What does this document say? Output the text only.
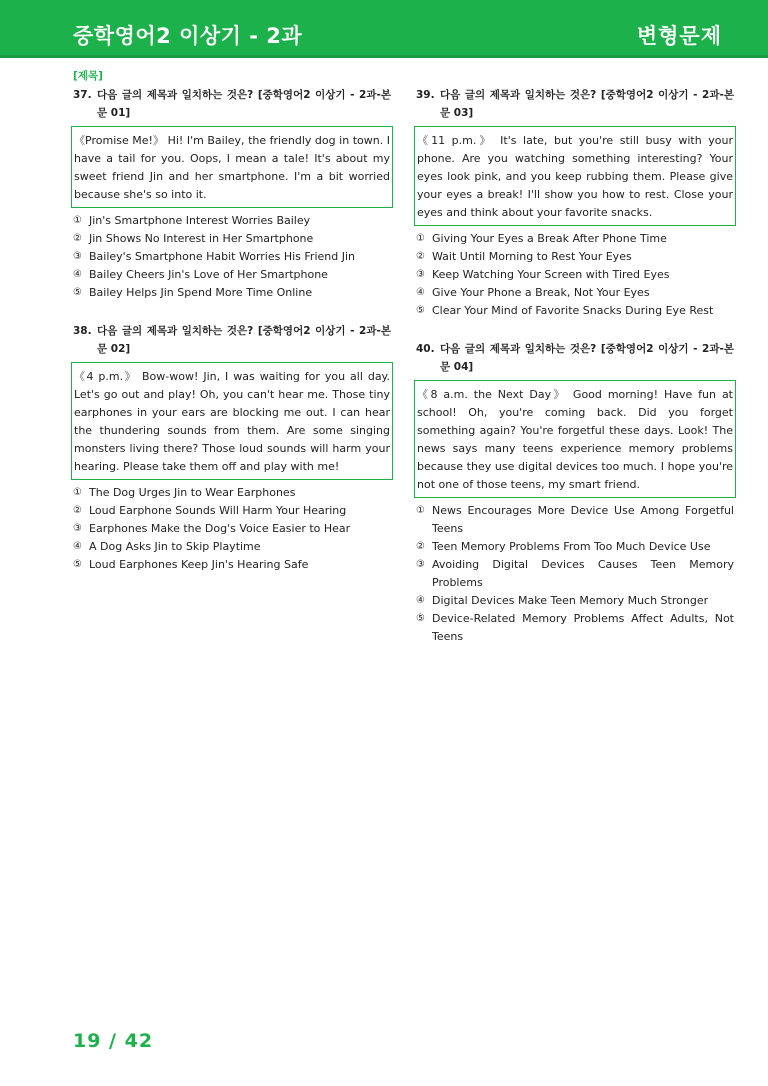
중학영어2 이상기 - 2과	변형문제
[제목]
37. 다음 글의 제목과 일치하는 것은? [중학영어2 이상기 - 2과-본문 01]
《Promise Me!》 Hi! I'm Bailey, the friendly dog in town. I have a tail for you. Oops, I mean a tale! It's about my sweet friend Jin and her smartphone. I'm a bit worried because she's so into it.
① Jin's Smartphone Interest Worries Bailey
② Jin Shows No Interest in Her Smartphone
③ Bailey's Smartphone Habit Worries His Friend Jin
④ Bailey Cheers Jin's Love of Her Smartphone
⑤ Bailey Helps Jin Spend More Time Online
38. 다음 글의 제목과 일치하는 것은? [중학영어2 이상기 - 2과-본문 02]
《4 p.m.》 Bow-wow! Jin, I was waiting for you all day. Let's go out and play! Oh, you can't hear me. Those tiny earphones in your ears are blocking me out. I can hear the thundering sounds from them. Are some singing monsters living there? Those loud sounds will harm your hearing. Please take them off and play with me!
① The Dog Urges Jin to Wear Earphones
② Loud Earphone Sounds Will Harm Your Hearing
③ Earphones Make the Dog's Voice Easier to Hear
④ A Dog Asks Jin to Skip Playtime
⑤ Loud Earphones Keep Jin's Hearing Safe
39. 다음 글의 제목과 일치하는 것은? [중학영어2 이상기 - 2과-본문 03]
《11 p.m.》 It's late, but you're still busy with your phone. Are you watching something interesting? Your eyes look pink, and you keep rubbing them. Please give your eyes a break! I'll show you how to rest. Close your eyes and think about your favorite snacks.
① Giving Your Eyes a Break After Phone Time
② Wait Until Morning to Rest Your Eyes
③ Keep Watching Your Screen with Tired Eyes
④ Give Your Phone a Break, Not Your Eyes
⑤ Clear Your Mind of Favorite Snacks During Eye Rest
40. 다음 글의 제목과 일치하는 것은? [중학영어2 이상기 - 2과-본문 04]
《8 a.m. the Next Day》 Good morning! Have fun at school! Oh, you're coming back. Did you forget something again? You're forgetful these days. Look! The news says many teens experience memory problems because they use digital devices too much. I hope you're not one of those teens, my smart friend.
① News Encourages More Device Use Among Forgetful Teens
② Teen Memory Problems From Too Much Device Use
③ Avoiding Digital Devices Causes Teen Memory Problems
④ Digital Devices Make Teen Memory Much Stronger
⑤ Device-Related Memory Problems Affect Adults, Not Teens
19 / 42
